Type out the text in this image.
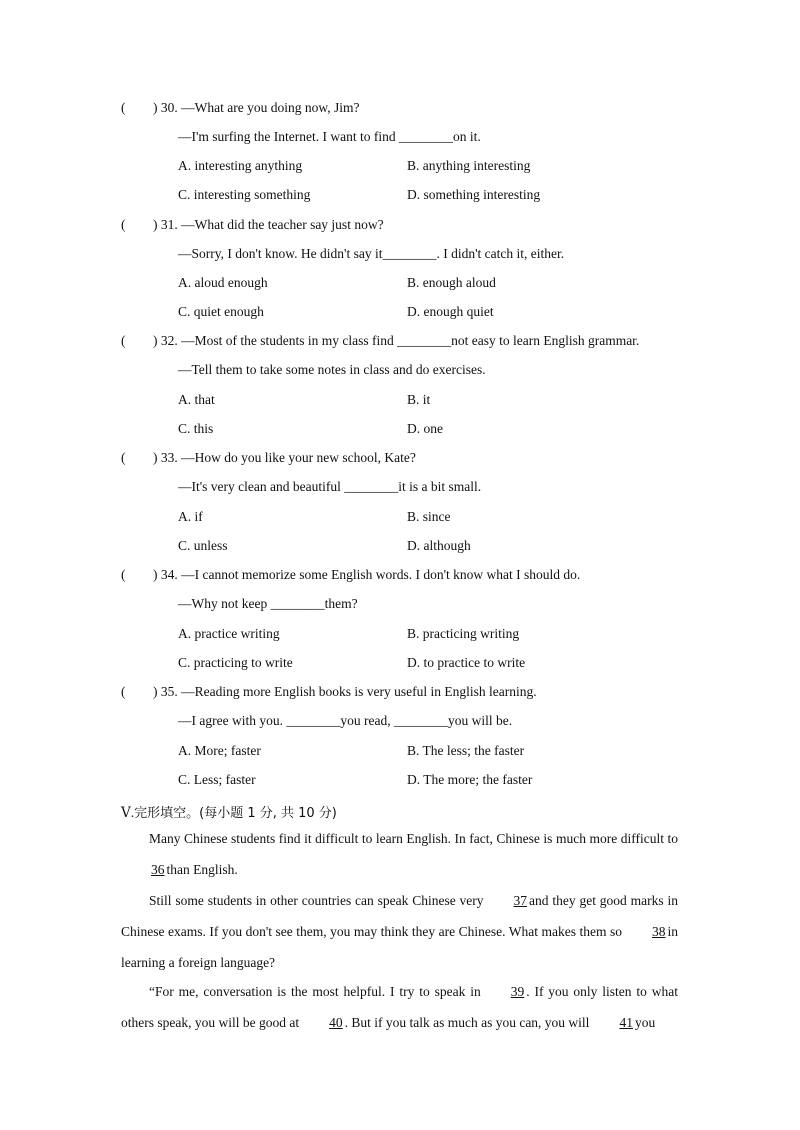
( ) 30. —What are you doing now, Jim?
—I'm surfing the Internet. I want to find ________on it.
A. interesting anything	B. anything interesting
C. interesting something	D. something interesting
( ) 31. —What did the teacher say just now?
—Sorry, I don't know. He didn't say it________. I didn't catch it, either.
A. aloud enough	B. enough aloud
C. quiet enough	D. enough quiet
( ) 32. —Most of the students in my class find ________not easy to learn English grammar.
—Tell them to take some notes in class and do exercises.
A. that	B. it
C. this	D. one
( ) 33. —How do you like your new school, Kate?
—It's very clean and beautiful ________it is a bit small.
A. if	B. since
C. unless	D. although
( ) 34. —I cannot memorize some English words. I don't know what I should do.
—Why not keep ________them?
A. practice writing	B. practicing writing
C. practicing to write	D. to practice to write
( ) 35. —Reading more English books is very useful in English learning.
—I agree with you. ________you read, ________you will be.
A. More; faster	B. The less; the faster
C. Less; faster	D. The more; the faster
Ⅴ.完形填空。(每小题 1 分, 共 10 分)
Many Chinese students find it difficult to learn English. In fact, Chinese is much more difficult to36 than English.
Still some students in other countries can speak Chinese very 37 and they get good marks in Chinese exams. If you don't see them, you may think they are Chinese. What makes them so 38 in learning a foreign language?
“For me, conversation is the most helpful. I try to speak in 39 . If you only listen to what others speak, you will be good at 40 . But if you talk as much as you can, you will 41 you
